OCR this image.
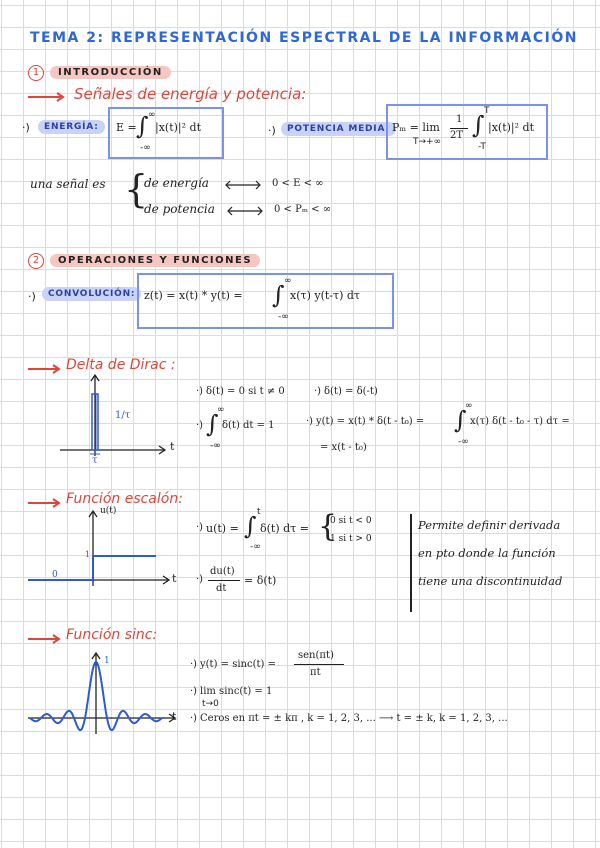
TEMA 2: REPRESENTACIÓN ESPECTRAL DE LA INFORMACIÓN
1 INTRODUCCIÓN
Señales de energía y potencia:
·)	ENERGÍA:	E = ∫ ∞
-∞
|x(t)|² dt	·)	POTENCIA MEDIA: Pₘ = lim
T→+∞
1
2T ∫ T
-T
|x(t)|² dt
una señal es {
de energía	0 < E < ∞
de potencia	0 < Pₘ < ∞
2 OPERACIONES Y FUNCIONES
·)	CONVOLUCIÓN: z(t) = x(t) * y(t) = ∫ ∞
-∞
x(τ) y(t-τ) dτ
Delta de Dirac :
1/τ
τ
t
·) δ(t) = 0 si t ≠ 0	·) δ(t) = δ(-t)
·) ∫
∞
-∞
δ(t) dt = 1	·) y(t) = x(t) * δ(t - t₀) = ∫
∞
-∞
x(τ) δ(t - t₀ - τ) dτ =
= x(t - t₀)
Función escalón:
u(t)
1
0	t
·) u(t) = ∫ t
-∞
δ(t) dτ = {
0 si t < 0
1 si t > 0
·)
du(t)
dt
= δ(t)
Permite definir derivada
en pto donde la función
tiene una discontinuidad
Función sinc:
1
t
·) y(t) = sinc(t) =
sen(πt)
πt
·) lim sinc(t) = 1
t→0
·) Ceros en πt = ± kπ , k = 1, 2, 3, ... ⟶ t = ± k, k = 1, 2, 3, ...
